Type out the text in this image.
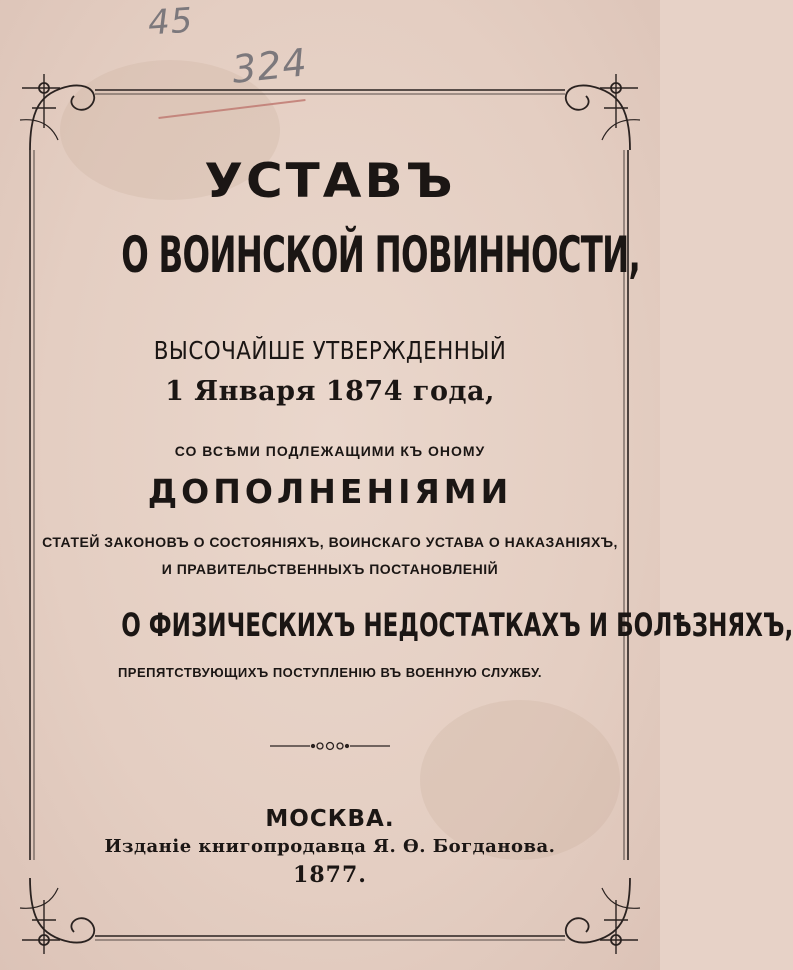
45
324
УСТАВЪ
О ВОИНСКОЙ ПОВИННОСТИ,
ВЫСОЧАЙШЕ УТВЕРЖДЕННЫЙ
1 Января 1874 года,
СО ВСѢМИ ПОДЛЕЖАЩИМИ КЪ ОНОМУ
ДОПОЛНЕНІЯМИ
СТАТЕЙ ЗАКОНОВЪ О СОСТОЯНІЯХЪ, ВОИНСКАГО УСТАВА О НАКАЗАНІЯХЪ,
И ПРАВИТЕЛЬСТВЕННЫХЪ ПОСТАНОВЛЕНІЙ
О ФИЗИЧЕСКИХЪ НЕДОСТАТКАХЪ И БОЛѢЗНЯХЪ,
ПРЕПЯТСТВУЮЩИХЪ ПОСТУПЛЕНІЮ ВЪ ВОЕННУЮ СЛУЖБУ.
МОСКВА.
Изданіе книгопродавца Я. Ѳ. Богданова.
1877.
